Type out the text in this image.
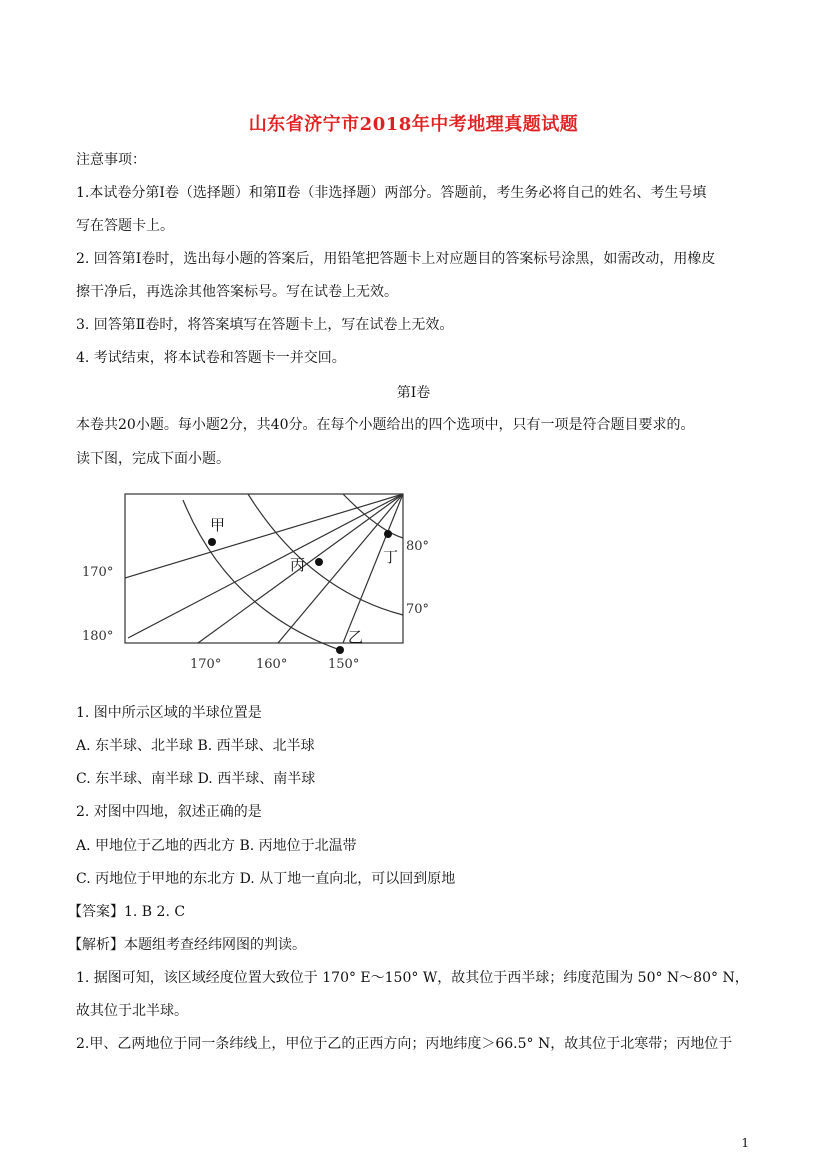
山东省济宁市2018年中考地理真题试题
注意事项：
1.本试卷分第Ⅰ卷（选择题）和第Ⅱ卷（非选择题）两部分。答题前，考生务必将自己的姓名、考生号填
写在答题卡上。
2. 回答第Ⅰ卷时，选出每小题的答案后，用铅笔把答题卡上对应题目的答案标号涂黑，如需改动，用橡皮
擦干净后，再选涂其他答案标号。写在试卷上无效。
3. 回答第Ⅱ卷时，将答案填写在答题卡上，写在试卷上无效。
4. 考试结束，将本试卷和答题卡一并交回。
第Ⅰ卷
本卷共20小题。每小题2分，共40分。在每个小题给出的四个选项中，只有一项是符合题目要求的。
读下图，完成下面小题。
甲
丙	丁
乙
170°
180°
170°	160°	150°
80°
70°
1. 图中所示区域的半球位置是
A. 东半球、北半球 B. 西半球、北半球
C. 东半球、南半球 D. 西半球、南半球
2. 对图中四地，叙述正确的是
A. 甲地位于乙地的西北方 B. 丙地位于北温带
C. 丙地位于甲地的东北方 D. 从丁地一直向北，可以回到原地
【答案】1. B 2. C
【解析】本题组考查经纬网图的判读。
1. 据图可知，该区域经度位置大致位于 170° E～150° W，故其位于西半球；纬度范围为 50° N～80° N，
故其位于北半球。
2.甲、乙两地位于同一条纬线上，甲位于乙的正西方向；丙地纬度＞66.5° N，故其位于北寒带；丙地位于
1
